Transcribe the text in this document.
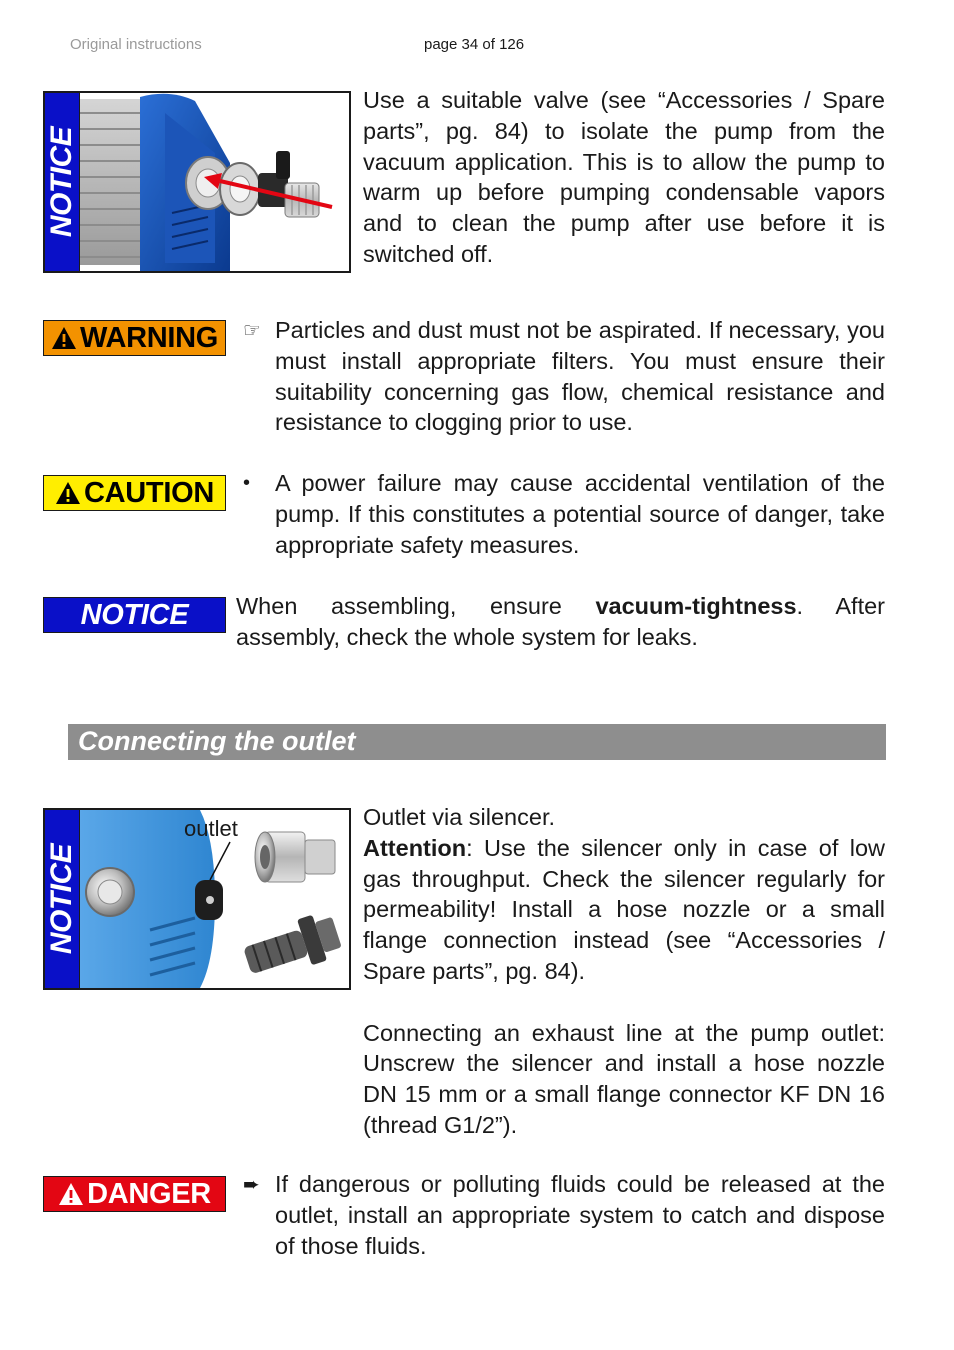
Original instructions	page 34 of 126
NOTICE

Use a suitable valve (see “Accessories / Spare parts”, pg. 84) to isolate the pump from the vacuum application. This is to allow the pump to warm up before pumping condensable vapors and to clean the pump after use before it is switched off.

WARNING ☞ Particles and dust must not be aspirated. If necessary, you must install appropriate filters. You must ensure their suitability concerning gas flow, chemical resistance and resistance to clogging prior to use.

CAUTION • A power failure may cause accidental ventilation of the pump. If this constitutes a potential source of danger, take appropriate safety measures.

NOTICE When assembling, ensure vacuum-tightness. After assembly, check the whole system for leaks.

Connecting the outlet
NOTICE
outlet	Outlet via silencer.

Attention: Use the silencer only in case of low gas throughput. Check the silencer regularly for permeability! Install a hose nozzle or a small flange connection instead (see “Accessories / Spare parts”, pg. 84).

Connecting an exhaust line at the pump outlet: Unscrew the silencer and install a hose nozzle DN 15 mm or a small flange connector KF DN 16 (thread G1/2”).

DANGER ➨ If dangerous or polluting fluids could be released at the outlet, install an appropriate system to catch and dispose of those fluids.
